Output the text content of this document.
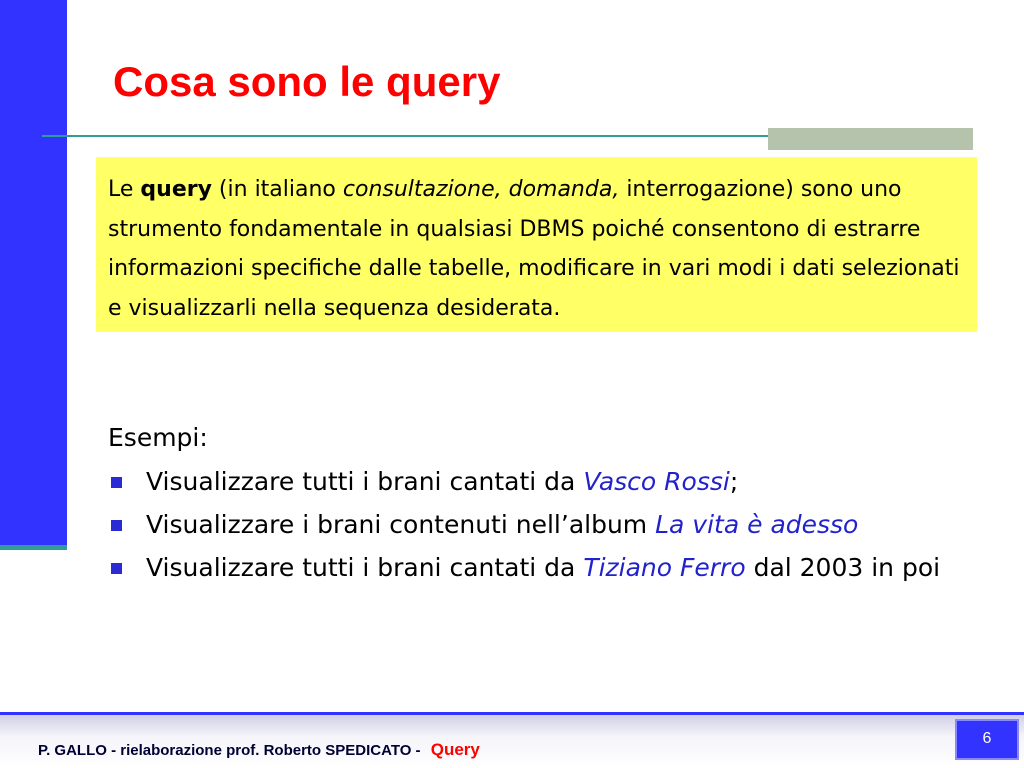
Cosa sono le query
Le query (in italiano consultazione, domanda, interrogazione) sono uno strumento fondamentale in qualsiasi DBMS poiché consentono di estrarre informazioni specifiche dalle tabelle, modificare in vari modi i dati selezionati e visualizzarli nella sequenza desiderata.
Esempi:
Visualizzare tutti i brani cantati da Vasco Rossi;
Visualizzare i brani contenuti nell’album La vita è adesso
Visualizzare tutti i brani cantati da Tiziano Ferro dal 2003 in poi
P. GALLO - rielaborazione prof. Roberto SPEDICATO - Query
6
